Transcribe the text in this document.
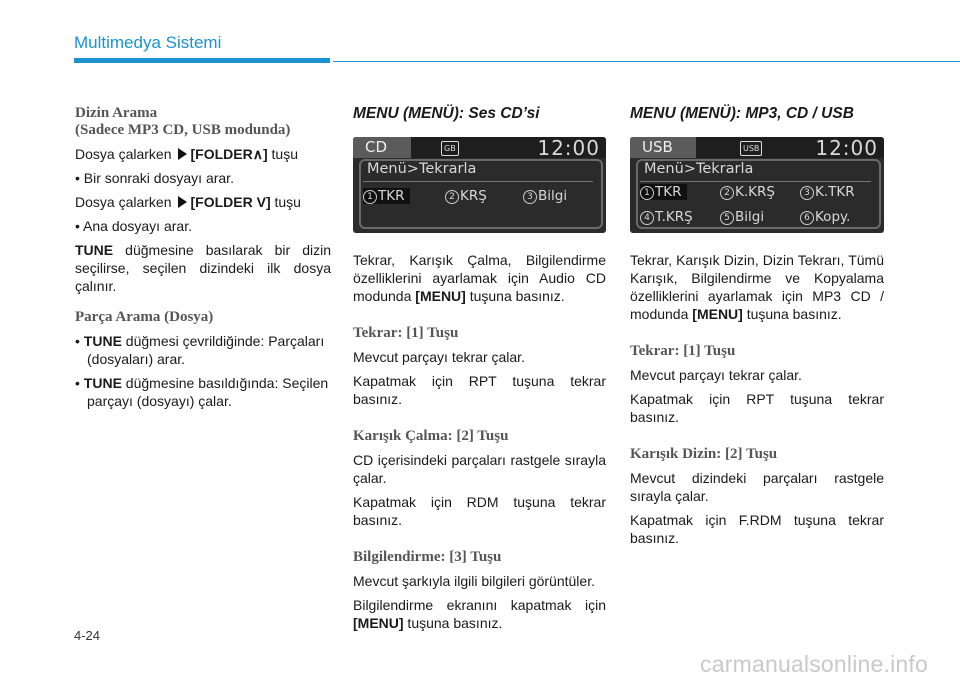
Multimedya Sistemi

Dizin Arama
(Sadece MP3 CD, USB modunda)

Dosya çalarken [FOLDER∧] tuşu

• Bir sonraki dosyayı arar.

Dosya çalarken [FOLDER V] tuşu

• Ana dosyayı arar.

TUNE düğmesine basılarak bir dizin seçilirse, seçilen dizindeki ilk dosya çalınır.

Parça Arama (Dosya)

• TUNE düğmesi çevrildiğinde: Parçaları (dosyaları) arar.

• TUNE düğmesine basıldığında: Seçilen parçayı (dosyayı) çalar.

MENU (MENÜ): Ses CD’si

CD	GB	12:00
Menü>Tekrarla
1 TKR	2 KRŞ	3 Bilgi

Tekrar, Karışık Çalma, Bilgilendirme özelliklerini ayarlamak için Audio CD modunda [MENU] tuşuna basınız.

Tekrar: [1] Tuşu

Mevcut parçayı tekrar çalar.

Kapatmak için RPT tuşuna tekrar basınız.

Karışık Çalma: [2] Tuşu

CD içerisindeki parçaları rastgele sırayla çalar.

Kapatmak için RDM tuşuna tekrar basınız.

Bilgilendirme: [3] Tuşu

Mevcut şarkıyla ilgili bilgileri görüntüler.

Bilgilendirme ekranını kapatmak için [MENU] tuşuna basınız.

MENU (MENÜ): MP3, CD / USB

USB	USB	12:00
Menü>Tekrarla
1 TKR	2 K.KRŞ	3 K.TKR
4 T.KRŞ	5 Bilgi	6 Kopy.

Tekrar, Karışık Dizin, Dizin Tekrarı, Tümü Karışık, Bilgilendirme ve Kopyalama özelliklerini ayarlamak için MP3 CD / modunda [MENU] tuşuna basınız.

Tekrar: [1] Tuşu

Mevcut parçayı tekrar çalar.

Kapatmak için RPT tuşuna tekrar basınız.

Karışık Dizin: [2] Tuşu

Mevcut dizindeki parçaları rastgele sırayla çalar.

Kapatmak için F.RDM tuşuna tekrar basınız.

4-24
carmanualsonline.info
